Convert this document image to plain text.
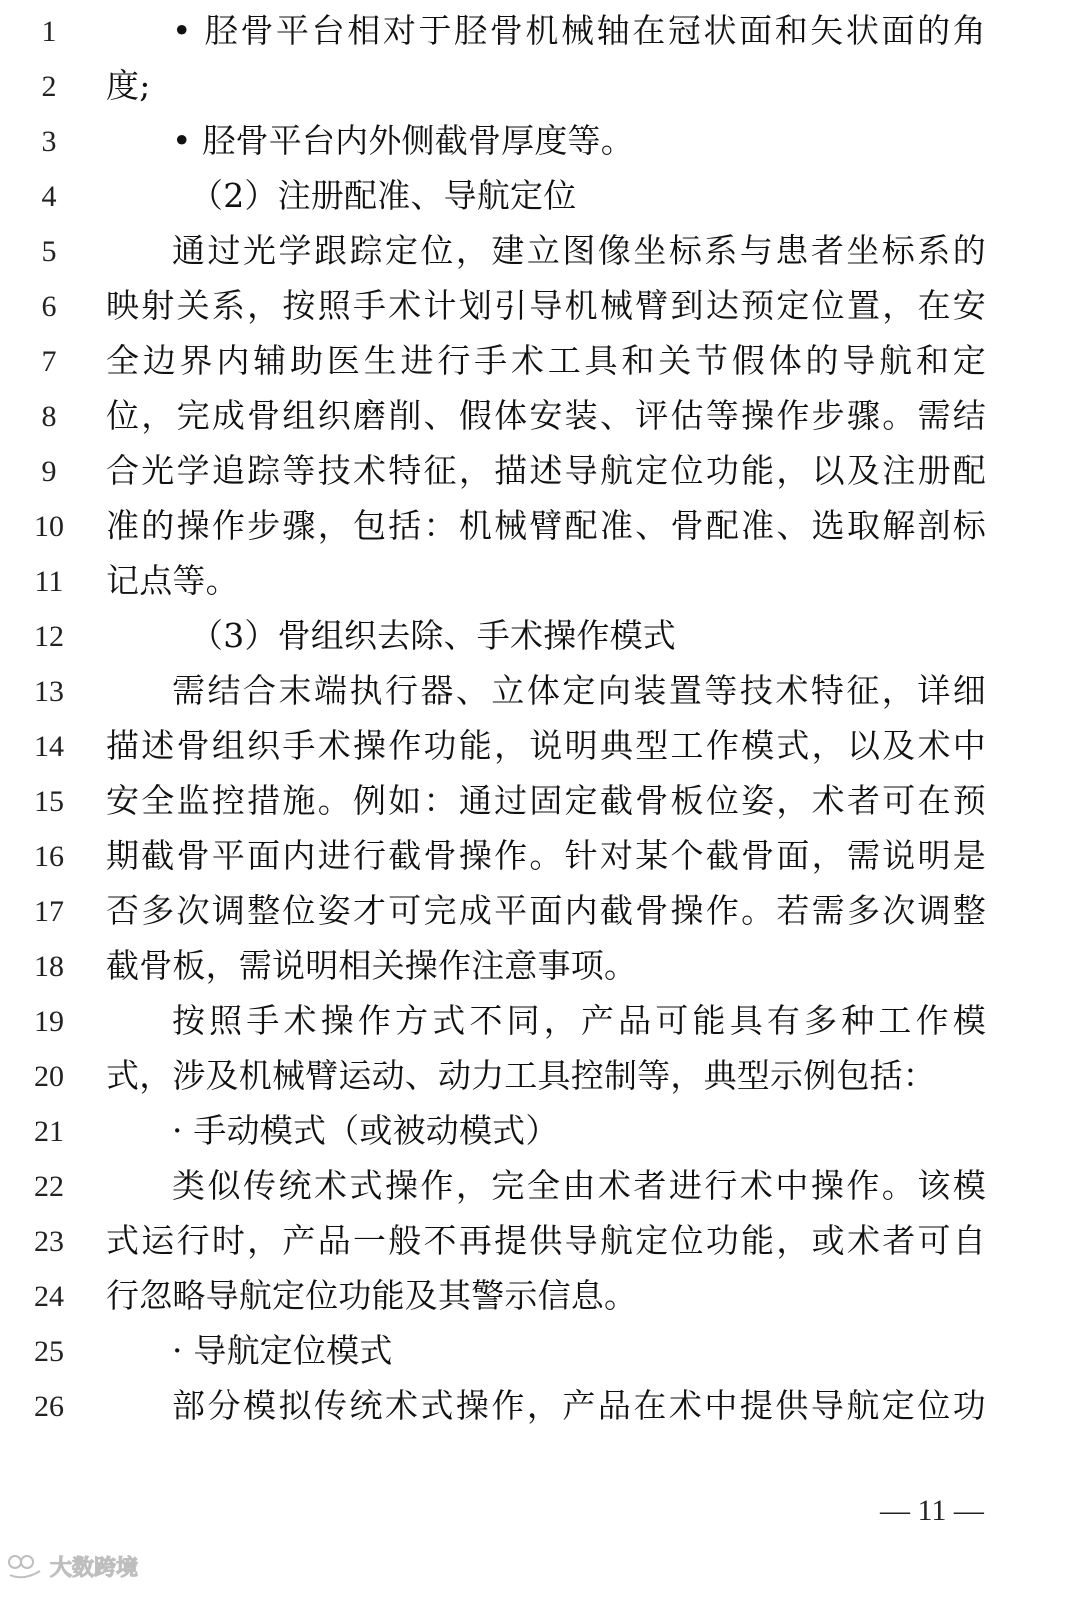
1	• 胫骨平台相对于胫骨机械轴在冠状面和矢状面的角
2	度;
3	• 胫骨平台内外侧截骨厚度等。
4	（2）注册配准、导航定位
5	通过光学跟踪定位，建立图像坐标系与患者坐标系的
6	映射关系，按照手术计划引导机械臂到达预定位置，在安
7	全边界内辅助医生进行手术工具和关节假体的导航和定
8	位，完成骨组织磨削、假体安装、评估等操作步骤。需结
9	合光学追踪等技术特征，描述导航定位功能，以及注册配
10	准的操作步骤，包括：机械臂配准、骨配准、选取解剖标
11	记点等。
12	（3）骨组织去除、手术操作模式
13	需结合末端执行器、立体定向装置等技术特征，详细
14	描述骨组织手术操作功能，说明典型工作模式，以及术中
15	安全监控措施。例如：通过固定截骨板位姿，术者可在预
16	期截骨平面内进行截骨操作。针对某个截骨面，需说明是
17	否多次调整位姿才可完成平面内截骨操作。若需多次调整
18	截骨板，需说明相关操作注意事项。
19	按照手术操作方式不同，产品可能具有多种工作模
20	式，涉及机械臂运动、动力工具控制等，典型示例包括：
21	· 手动模式（或被动模式）
22	类似传统术式操作，完全由术者进行术中操作。该模
23	式运行时，产品一般不再提供导航定位功能，或术者可自
24	行忽略导航定位功能及其警示信息。
25	· 导航定位模式
26	部分模拟传统术式操作，产品在术中提供导航定位功
— 11 —
大数跨境
